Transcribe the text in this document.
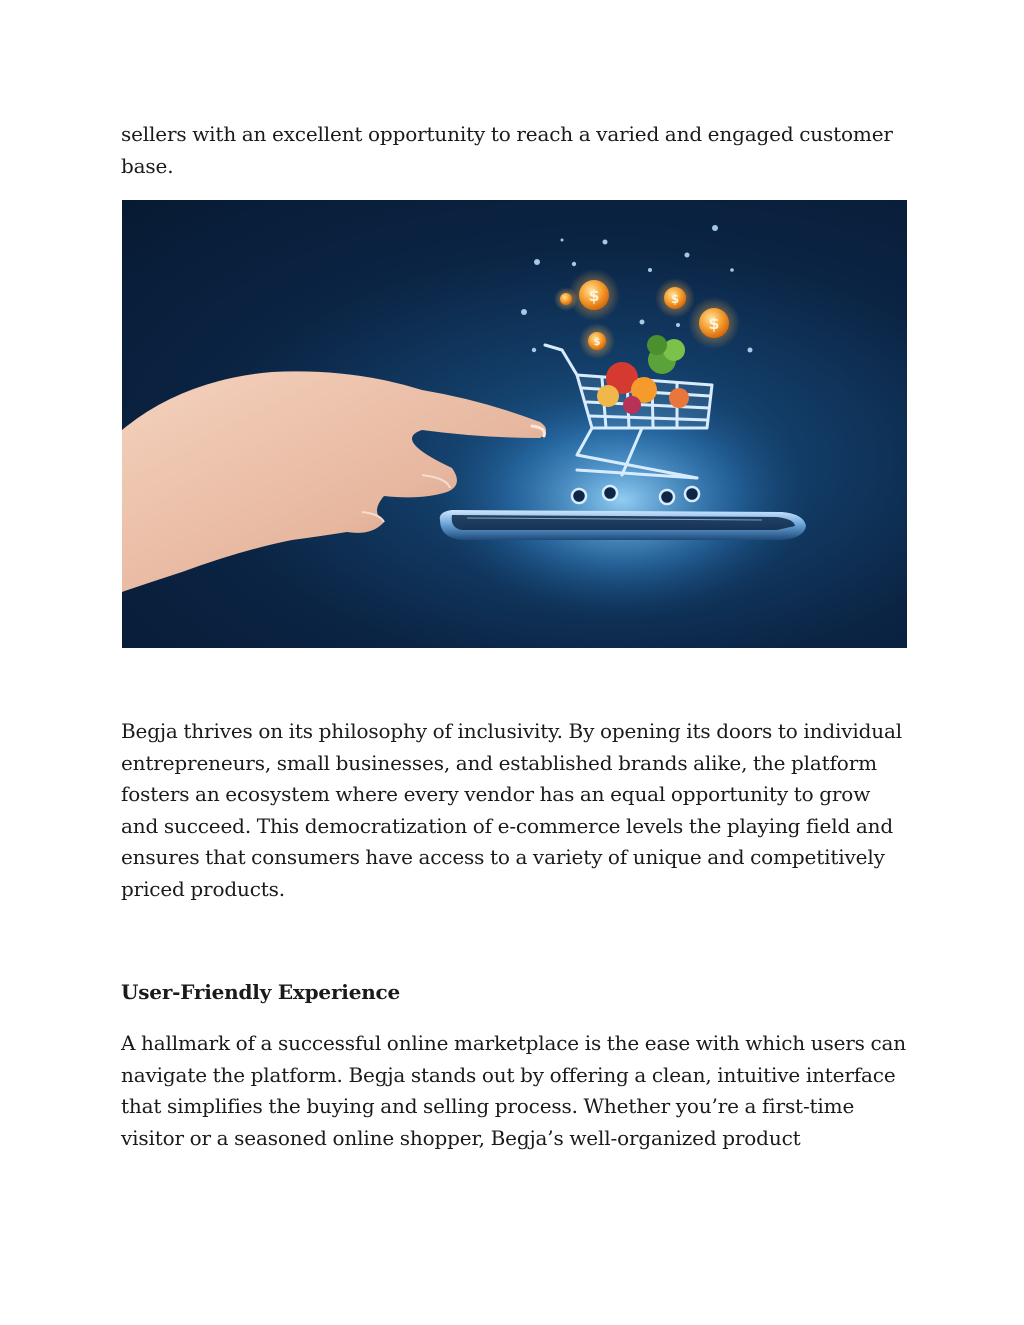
sellers with an excellent opportunity to reach a varied and engaged customer base.

$	$
$
$

Begja thrives on its philosophy of inclusivity. By opening its doors to individual entrepreneurs, small businesses, and established brands alike, the platform fosters an ecosystem where every vendor has an equal opportunity to grow and succeed. This democratization of e-commerce levels the playing field and ensures that consumers have access to a variety of unique and competitively priced products.

User-Friendly Experience

A hallmark of a successful online marketplace is the ease with which users can navigate the platform. Begja stands out by offering a clean, intuitive interface that simplifies the buying and selling process. Whether you’re a first-time visitor or a seasoned online shopper, Begja’s well-organized product
